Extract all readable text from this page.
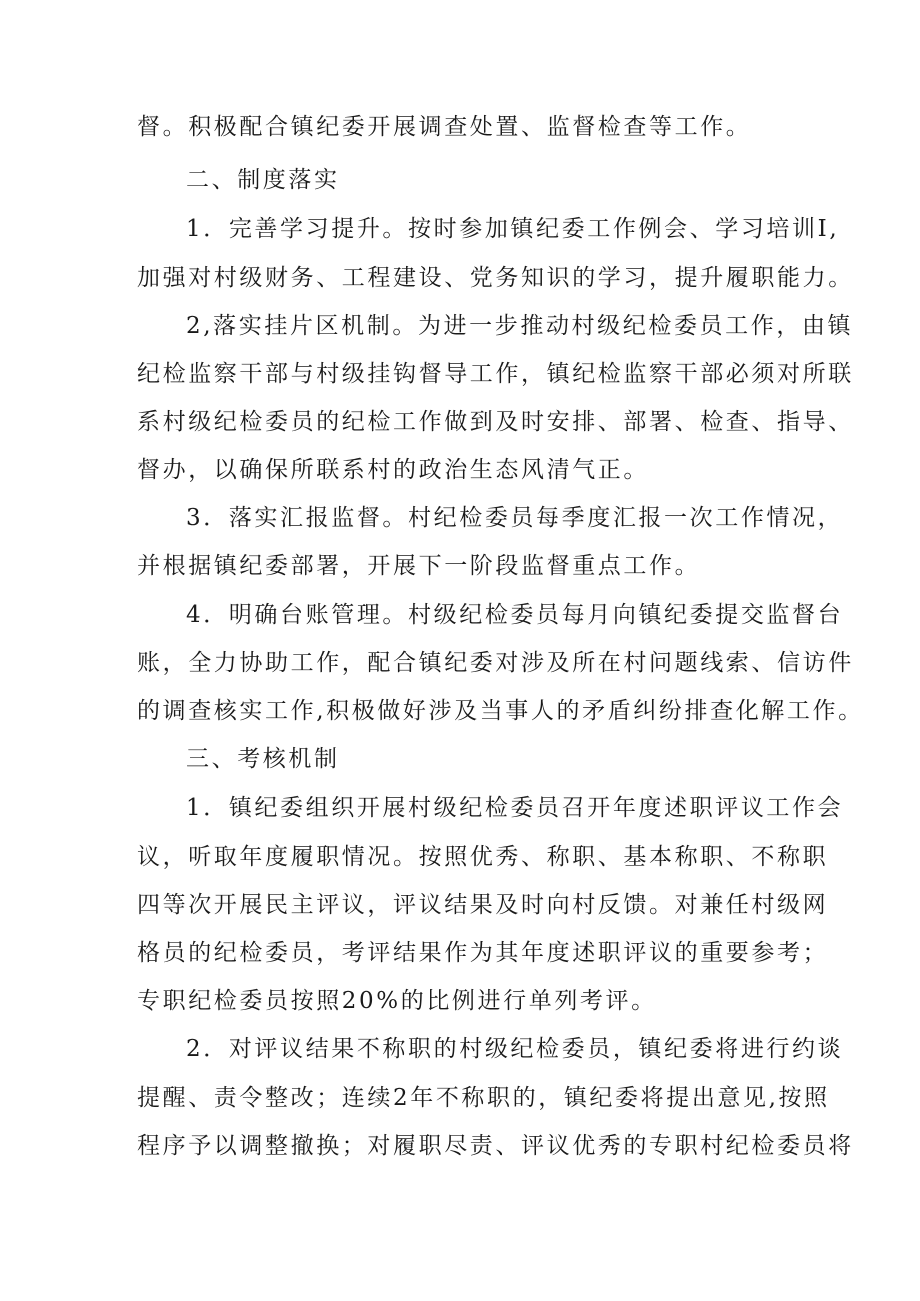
督。积极配合镇纪委开展调查处置、监督检查等工作。
二、制度落实
1．完善学习提升。按时参加镇纪委工作例会、学习培训I,
加强对村级财务、工程建设、党务知识的学习，提升履职能力。
2,落实挂片区机制。为进一步推动村级纪检委员工作，由镇
纪检监察干部与村级挂钩督导工作，镇纪检监察干部必须对所联
系村级纪检委员的纪检工作做到及时安排、部署、检查、指导、
督办，以确保所联系村的政治生态风清气正。
3．落实汇报监督。村纪检委员每季度汇报一次工作情况，
并根据镇纪委部署，开展下一阶段监督重点工作。
4．明确台账管理。村级纪检委员每月向镇纪委提交监督台
账，全力协助工作，配合镇纪委对涉及所在村问题线索、信访件
的调查核实工作,积极做好涉及当事人的矛盾纠纷排查化解工作。
三、考核机制
1．镇纪委组织开展村级纪检委员召开年度述职评议工作会
议，听取年度履职情况。按照优秀、称职、基本称职、不称职
四等次开展民主评议，评议结果及时向村反馈。对兼任村级网
格员的纪检委员，考评结果作为其年度述职评议的重要参考；
专职纪检委员按照20%的比例进行单列考评。
2．对评议结果不称职的村级纪检委员，镇纪委将进行约谈
提醒、责令整改；连续2年不称职的，镇纪委将提出意见,按照
程序予以调整撤换；对履职尽责、评议优秀的专职村纪检委员将
